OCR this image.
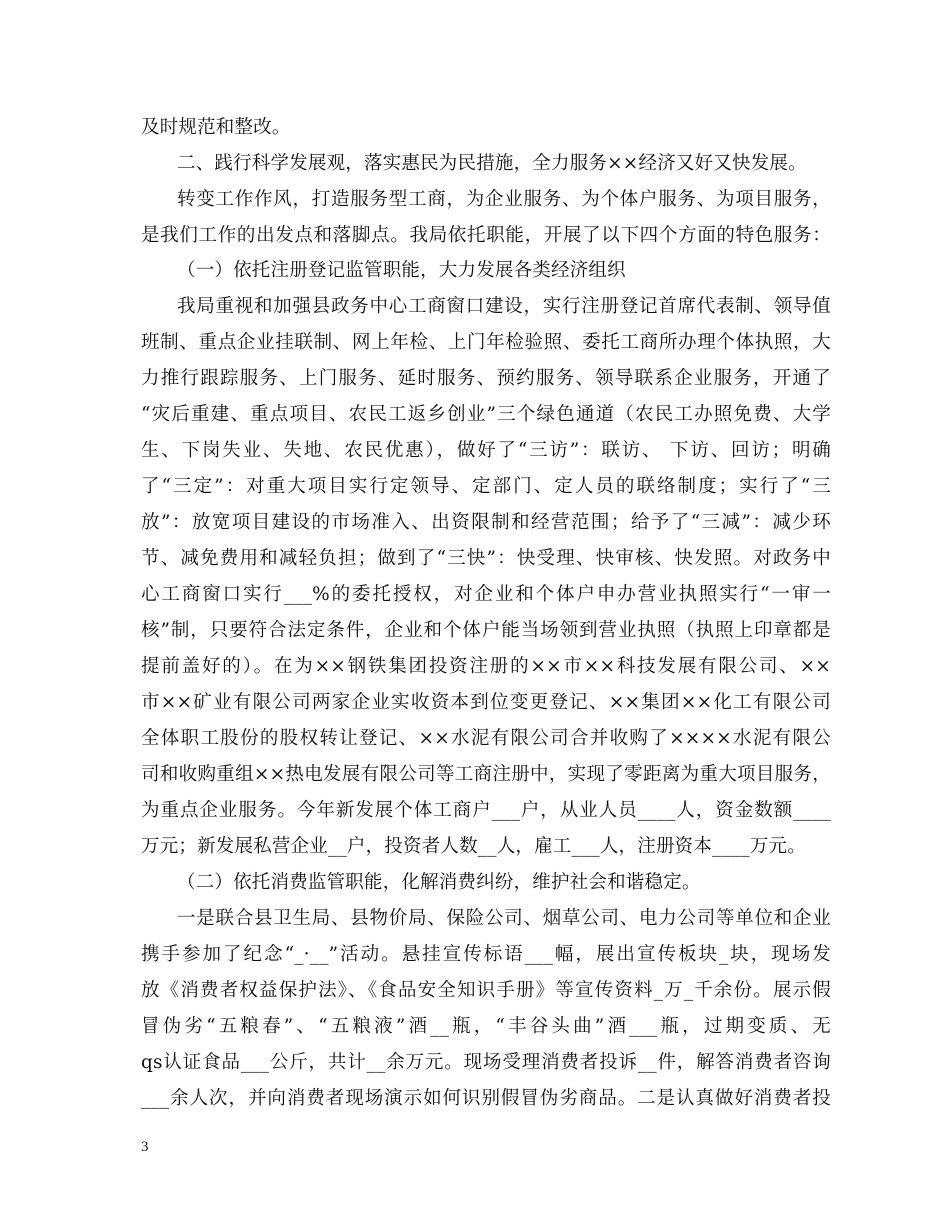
及时规范和整改。
二、践行科学发展观，落实惠民为民措施，全力服务××经济又好又快发展。
转变工作作风，打造服务型工商，为企业服务、为个体户服务、为项目服务，
是我们工作的出发点和落脚点。我局依托职能，开展了以下四个方面的特色服务：
（一）依托注册登记监管职能，大力发展各类经济组织
我局重视和加强县政务中心工商窗口建设，实行注册登记首席代表制、领导值
班制、重点企业挂联制、网上年检、上门年检验照、委托工商所办理个体执照，大
力推行跟踪服务、上门服务、延时服务、预约服务、领导联系企业服务，开通了
“灾后重建、重点项目、农民工返乡创业”三个绿色通道（农民工办照免费、大学
生、下岗失业、失地、农民优惠），做好了“三访”：联访、 下访、回访；明确
了“三定”：对重大项目实行定领导、定部门、定人员的联络制度；实行了“三
放”：放宽项目建设的市场准入、出资限制和经营范围；给予了“三减”：减少环
节、减免费用和减轻负担；做到了“三快”：快受理、快审核、快发照。对政务中
心工商窗口实行___%的委托授权，对企业和个体户申办营业执照实行“一审一
核”制，只要符合法定条件，企业和个体户能当场领到营业执照（执照上印章都是
提前盖好的）。在为××钢铁集团投资注册的××市××科技发展有限公司、××
市××矿业有限公司两家企业实收资本到位变更登记、××集团××化工有限公司
全体职工股份的股权转让登记、××水泥有限公司合并收购了××××水泥有限公
司和收购重组××热电发展有限公司等工商注册中，实现了零距离为重大项目服务，
为重点企业服务。今年新发展个体工商户___户，从业人员____人，资金数额____
万元；新发展私营企业__户，投资者人数__人，雇工___人，注册资本____万元。
（二）依托消费监管职能，化解消费纠纷，维护社会和谐稳定。
一是联合县卫生局、县物价局、保险公司、烟草公司、电力公司等单位和企业
携手参加了纪念“_·__”活动。悬挂宣传标语___幅，展出宣传板块_块，现场发
放《消费者权益保护法》、《食品安全知识手册》等宣传资料_万_千余份。展示假
冒伪劣“五粮春”、“五粮液”酒__瓶，“丰谷头曲”酒___瓶，过期变质、无
qs认证食品___公斤，共计__余万元。现场受理消费者投诉__件，解答消费者咨询
___余人次，并向消费者现场演示如何识别假冒伪劣商品。二是认真做好消费者投
3
